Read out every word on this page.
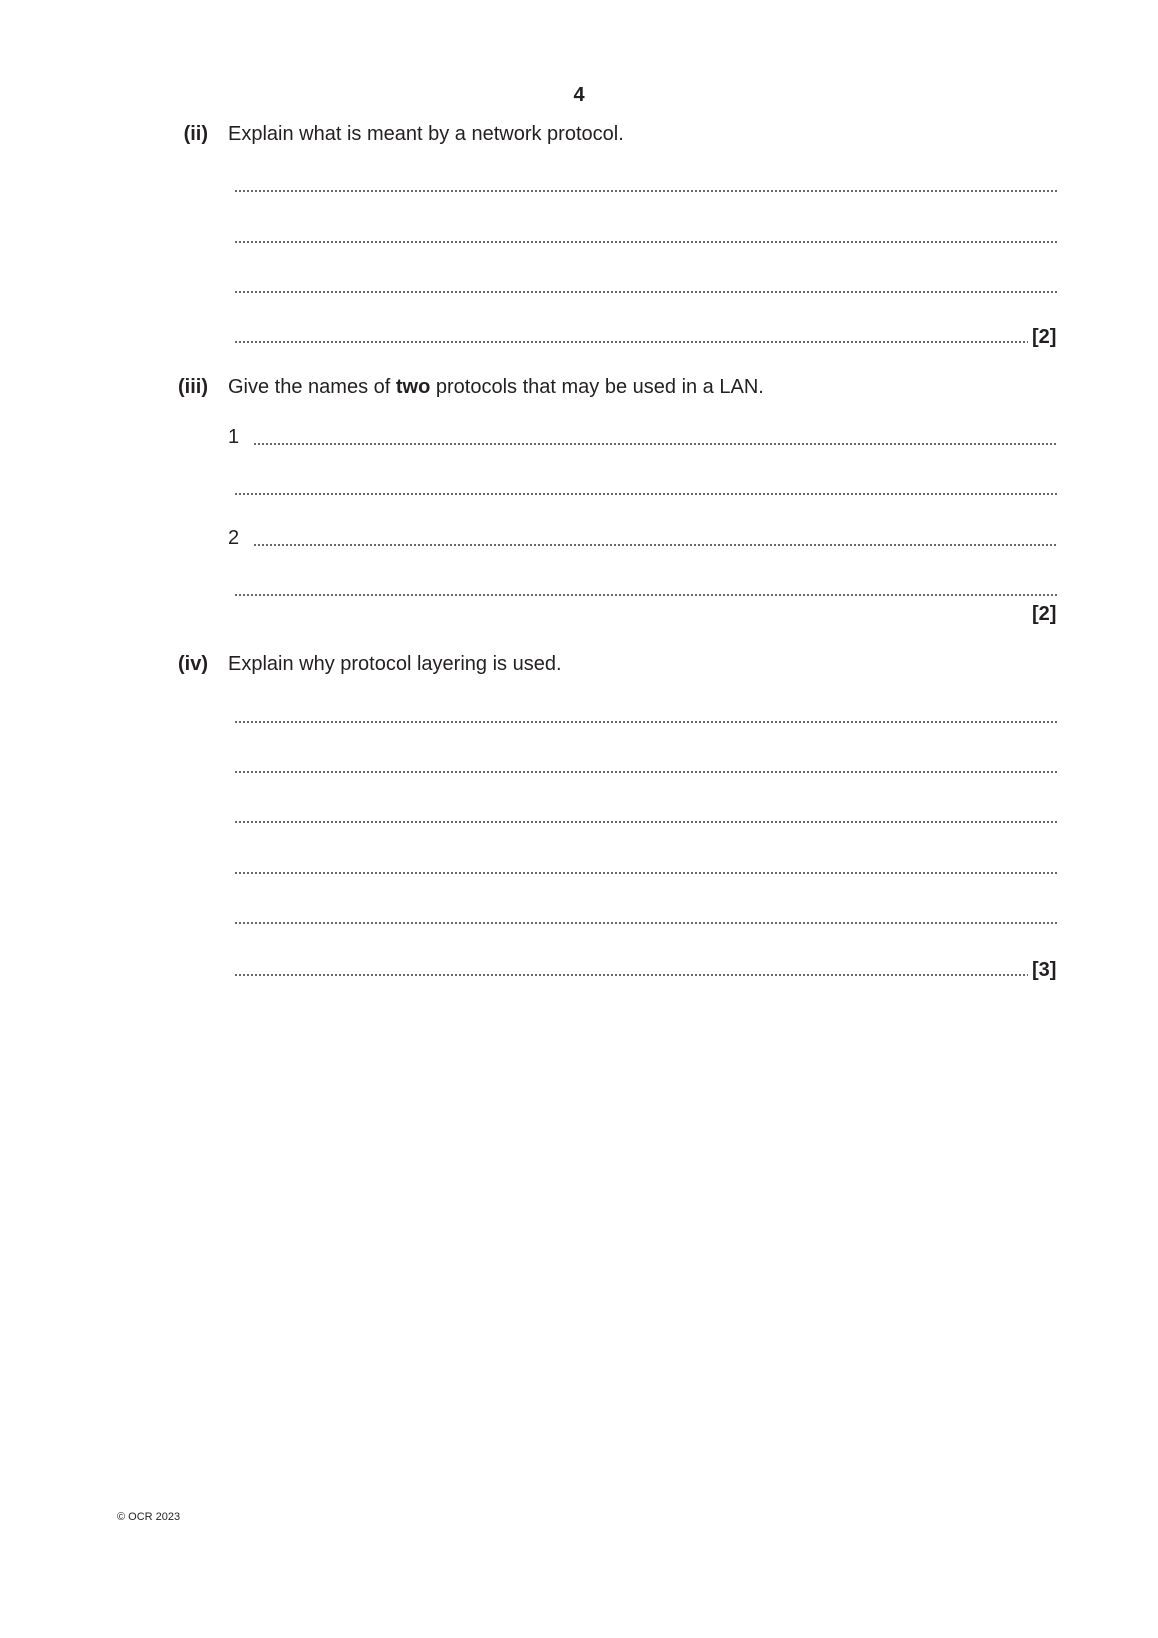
4
(ii) Explain what is meant by a network protocol.
[2]
(iii) Give the names of two protocols that may be used in a LAN.
1
2
[2]
(iv) Explain why protocol layering is used.
[3]
© OCR 2023
